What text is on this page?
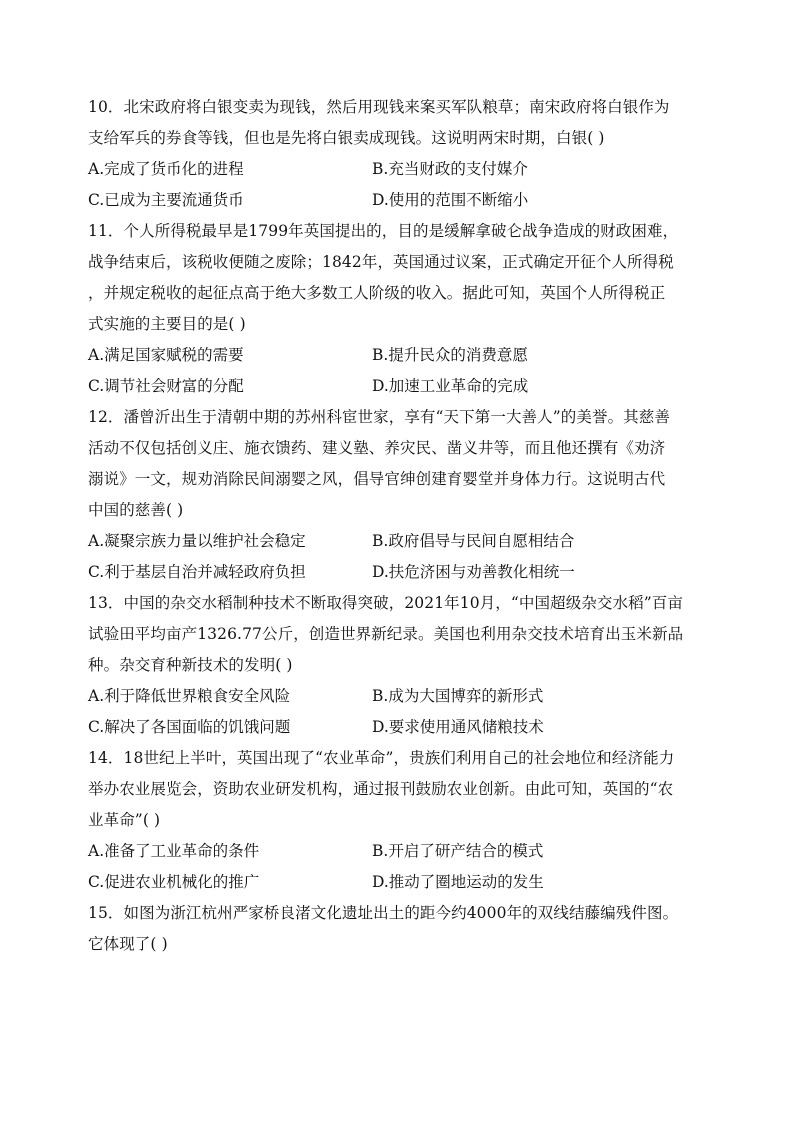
10．北宋政府将白银变卖为现钱，然后用现钱来案买军队粮草；南宋政府将白银作为
支给军兵的券食等钱，但也是先将白银卖成现钱。这说明两宋时期，白银( )
A.完成了货币化的进程	B.充当财政的支付媒介
C.已成为主要流通货币	D.使用的范围不断缩小
11．个人所得税最早是1799年英国提出的，目的是缓解拿破仑战争造成的财政困难，
战争结束后，该税收便随之废除；1842年，英国通过议案，正式确定开征个人所得税
，并规定税收的起征点高于绝大多数工人阶级的收入。据此可知，英国个人所得税正
式实施的主要目的是( )
A.满足国家赋税的需要	B.提升民众的消费意愿
C.调节社会财富的分配	D.加速工业革命的完成
12．潘曾沂出生于清朝中期的苏州科宦世家，享有“天下第一大善人”的美誉。其慈善
活动不仅包括创义庄、施衣馈药、建义塾、养灾民、凿义井等，而且他还撰有《劝济
溺说》一文，规劝消除民间溺婴之风，倡导官绅创建育婴堂并身体力行。这说明古代
中国的慈善( )
A.凝聚宗族力量以维护社会稳定	B.政府倡导与民间自愿相结合
C.利于基层自治并减轻政府负担	D.扶危济困与劝善教化相统一
13．中国的杂交水稻制种技术不断取得突破，2021年10月，“中国超级杂交水稻”百亩
试验田平均亩产1326.77公斤，创造世界新纪录。美国也利用杂交技术培育出玉米新品
种。杂交育种新技术的发明( )
A.利于降低世界粮食安全风险	B.成为大国博弈的新形式
C.解决了各国面临的饥饿问题	D.要求使用通风储粮技术
14．18世纪上半叶，英国出现了“农业革命”，贵族们利用自己的社会地位和经济能力
举办农业展览会，资助农业研发机构，通过报刊鼓励农业创新。由此可知，英国的“农
业革命”( )
A.准备了工业革命的条件	B.开启了研产结合的模式
C.促进农业机械化的推广	D.推动了圈地运动的发生
15．如图为浙江杭州严家桥良渚文化遗址出土的距今约4000年的双线结藤编残件图。
它体现了( )
